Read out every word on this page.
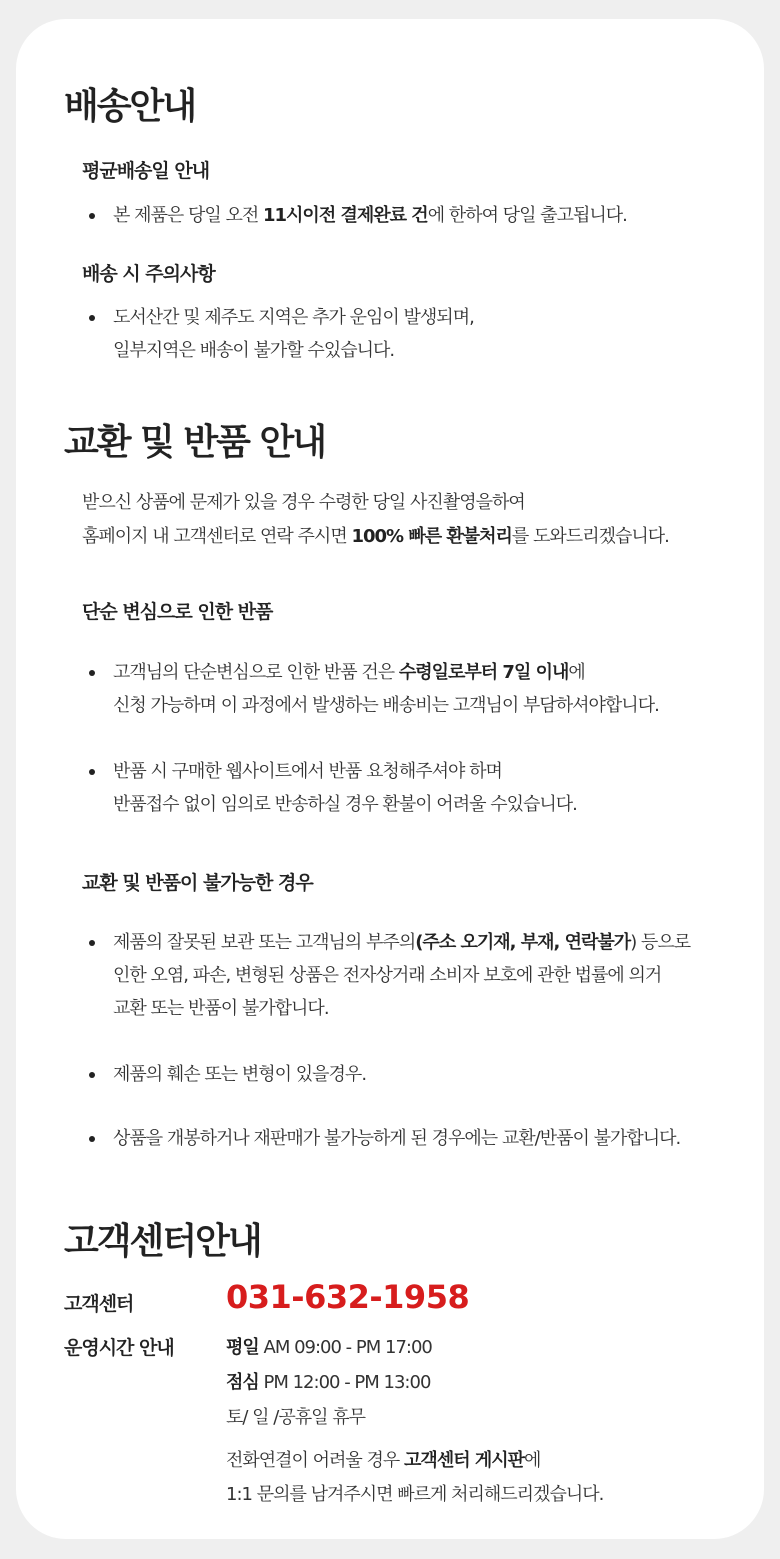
배송안내
평균배송일 안내
본 제품은 당일 오전 11시이전 결제완료 건에 한하여 당일 출고됩니다.
배송 시 주의사항
도서산간 및 제주도 지역은 추가 운임이 발생되며,
일부지역은 배송이 불가할 수있습니다.
교환 및 반품 안내
받으신 상품에 문제가 있을 경우 수령한 당일 사진촬영을하여
홈페이지 내 고객센터로 연락 주시면 100% 빠른 환불처리를 도와드리겠습니다.
단순 변심으로 인한 반품
고객님의 단순변심으로 인한 반품 건은 수령일로부터 7일 이내에
신청 가능하며 이 과정에서 발생하는 배송비는 고객님이 부담하셔야합니다.
반품 시 구매한 웹사이트에서 반품 요청해주셔야 하며
반품접수 없이 임의로 반송하실 경우 환불이 어려울 수있습니다.
교환 및 반품이 불가능한 경우
제품의 잘못된 보관 또는 고객님의 부주의(주소 오기재, 부재, 연락불가) 등으로
인한 오염, 파손, 변형된 상품은 전자상거래 소비자 보호에 관한 법률에 의거
교환 또는 반품이 불가합니다.
제품의 훼손 또는 변형이 있을경우.
상품을 개봉하거나 재판매가 불가능하게 된 경우에는 교환/반품이 불가합니다.
고객센터안내
고객센터	031-632-1958
운영시간 안내	평일 AM 09:00 - PM 17:00
점심 PM 12:00 - PM 13:00
토/ 일 /공휴일 휴무
전화연결이 어려울 경우 고객센터 게시판에
1:1 문의를 남겨주시면 빠르게 처리해드리겠습니다.
